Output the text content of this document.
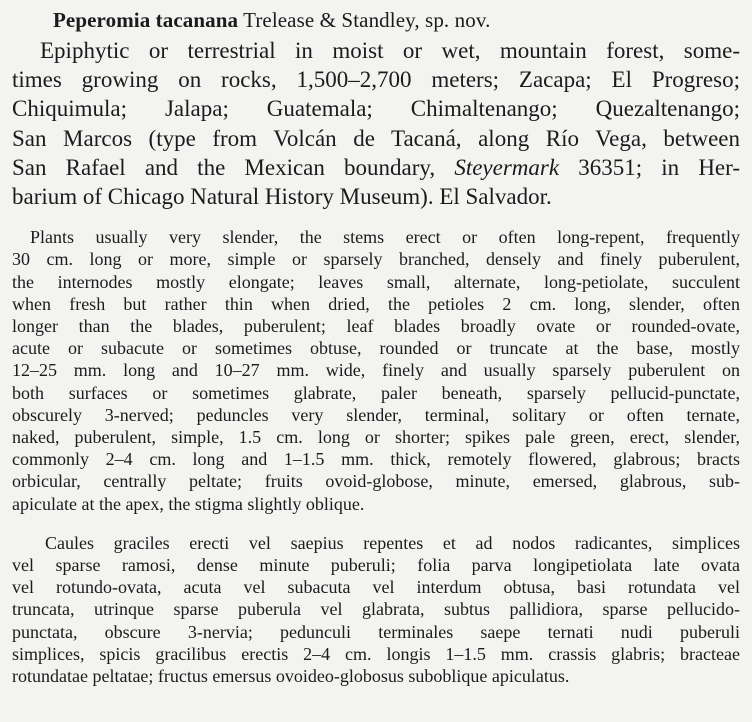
Peperomia tacanana Trelease & Standley, sp. nov.
Epiphytic or terrestrial in moist or wet, mountain forest, some-
times growing on rocks, 1,500–2,700 meters; Zacapa; El Progreso;
Chiquimula; Jalapa; Guatemala; Chimaltenango; Quezaltenango;
San Marcos (type from Volcán de Tacaná, along Río Vega, between
San Rafael and the Mexican boundary, Steyermark 36351; in Her-
barium of Chicago Natural History Museum). El Salvador.
Plants usually very slender, the stems erect or often long-repent, frequently
30 cm. long or more, simple or sparsely branched, densely and finely puberulent,
the internodes mostly elongate; leaves small, alternate, long-petiolate, succulent
when fresh but rather thin when dried, the petioles 2 cm. long, slender, often
longer than the blades, puberulent; leaf blades broadly ovate or rounded-ovate,
acute or subacute or sometimes obtuse, rounded or truncate at the base, mostly
12–25 mm. long and 10–27 mm. wide, finely and usually sparsely puberulent on
both surfaces or sometimes glabrate, paler beneath, sparsely pellucid-punctate,
obscurely 3-nerved; peduncles very slender, terminal, solitary or often ternate,
naked, puberulent, simple, 1.5 cm. long or shorter; spikes pale green, erect, slender,
commonly 2–4 cm. long and 1–1.5 mm. thick, remotely flowered, glabrous; bracts
orbicular, centrally peltate; fruits ovoid-globose, minute, emersed, glabrous, sub-
apiculate at the apex, the stigma slightly oblique.
Caules graciles erecti vel saepius repentes et ad nodos radicantes, simplices
vel sparse ramosi, dense minute puberuli; folia parva longipetiolata late ovata
vel rotundo-ovata, acuta vel subacuta vel interdum obtusa, basi rotundata vel
truncata, utrinque sparse puberula vel glabrata, subtus pallidiora, sparse pellucido-
punctata, obscure 3-nervia; pedunculi terminales saepe ternati nudi puberuli
simplices, spicis gracilibus erectis 2–4 cm. longis 1–1.5 mm. crassis glabris; bracteae
rotundatae peltatae; fructus emersus ovoideo-globosus suboblique apiculatus.
